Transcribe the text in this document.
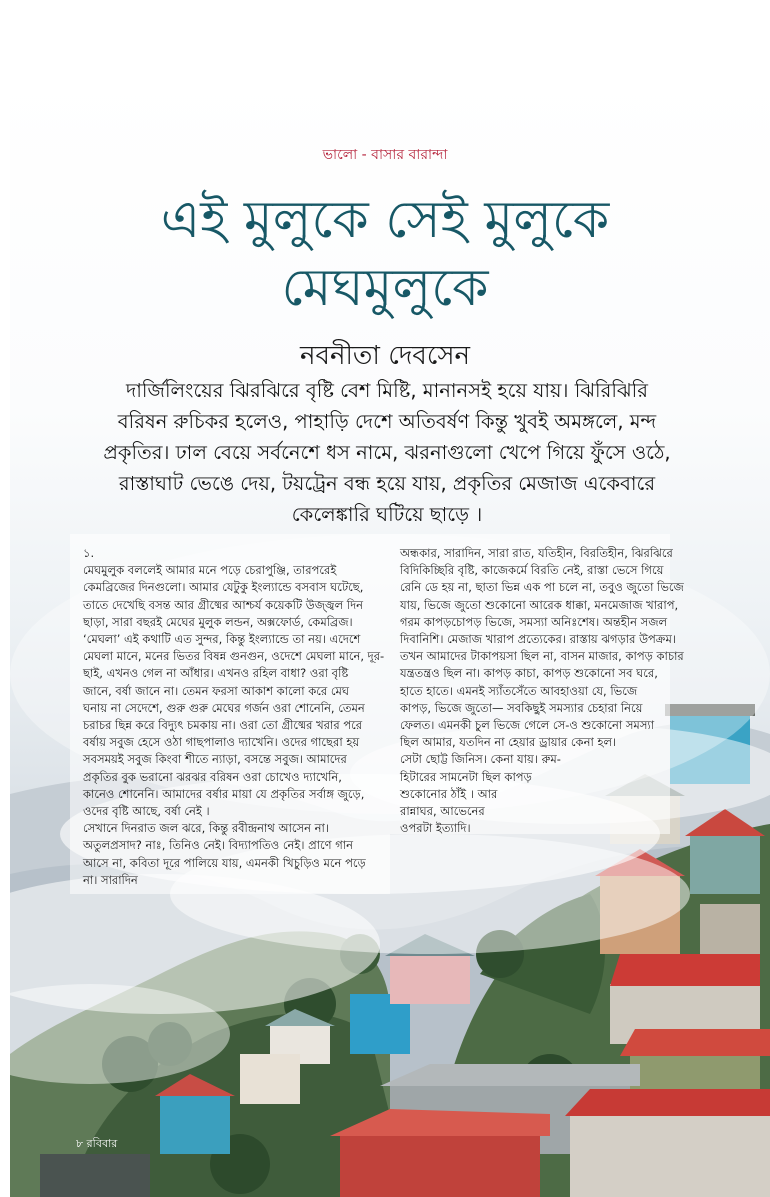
ভালো - বাসার বারান্দা
এই মুলুকে সেই মুলুকে
মেঘমুলুকে
নবনীতা দেবসেন

দার্জিলিংয়ের ঝিরঝিরে বৃষ্টি বেশ মিষ্টি, মানানসই হয়ে যায়। ঝিরিঝিরি

বরিষন রুচিকর হলেও, পাহাড়ি দেশে অতিবর্ষণ কিন্তু খুবই অমঙ্গলে, মন্দ

প্রকৃতির। ঢাল বেয়ে সর্বনেশে ধস নামে, ঝরনাগুলো খেপে গিয়ে ফুঁসে ওঠে,

রাস্তাঘাট ভেঙে দেয়, টয়ট্রেন বন্ধ হয়ে যায়, প্রকৃতির মেজাজ একেবারে

কেলেঙ্কারি ঘটিয়ে ছাড়ে ।

১.

মেঘমুলুক বললেই আমার মনে পড়ে চেরাপুঞ্জি, তারপরেই

কেমব্রিজের দিনগুলো। আমার যেটুকু ইংল্যান্ডে বসবাস ঘটেছে,

তাতে দেখেছি বসন্ত আর গ্রীষ্মের আশ্চর্য কয়েকটি উজ্জ্বল দিন

ছাড়া, সারা বছরই মেঘের মুলুক লন্ডন, অক্সফোর্ড, কেমব্রিজ।

‘মেঘলা’ এই কথাটি এত সুন্দর, কিন্তু ইংল্যান্ডে তা নয়। এদেশে

মেঘলা মানে, মনের ভিতর বিষন্ন গুনগুন, ওদেশে মেঘলা মানে, দূর-

ছাই, এখনও গেল না আঁধার। এখনও রহিল বাধা? ওরা বৃষ্টি

জানে, বর্ষা জানে না। তেমন ফরসা আকাশ কালো করে মেঘ

ঘনায় না সেদেশে, গুরু গুরু মেঘের গর্জন ওরা শোনেনি, তেমন

চরাচর ছিন্ন করে বিদ্যুৎ চমকায় না। ওরা তো গ্রীষ্মের খরার পরে

বর্ষায় সবুজ হেসে ওঠা গাছপালাও দ্যাখেনি। ওদের গাছেরা হয়

সবসময়ই সবুজ কিংবা শীতে ন্যাড়া, বসন্তে সবুজ। আমাদের

প্রকৃতির বুক ভরানো ঝরঝর বরিষন ওরা চোখেও দ্যাখেনি,

কানেও শোনেনি। আমাদের বর্ষার মায়া যে প্রকৃতির সর্বাঙ্গ জুড়ে,

ওদের বৃষ্টি আছে, বর্ষা নেই ।

সেখানে দিনরাত জল ঝরে, কিন্তু রবীন্দ্রনাথ আসেন না।

অতুলপ্রসাদ? নাঃ, তিনিও নেই। বিদ্যাপতিও নেই। প্রাণে গান

আসে না, কবিতা দূরে পালিয়ে যায়, এমনকী খিচুড়িও মনে পড়ে

না। সারাদিন

অন্ধকার, সারাদিন, সারা রাত, যতিহীন, বিরতিহীন, ঝিরঝিরে

বিদিকিচ্ছিরি বৃষ্টি, কাজেকর্মে বিরতি নেই, রাস্তা ভেসে গিয়ে

রেনি ডে হয় না, ছাতা ভিন্ন এক পা চলে না, তবুও জুতো ভিজে

যায়, ভিজে জুতো শুকোনো আরেক ধাক্কা, মনমেজাজ খারাপ,

গরম কাপড়চোপড় ভিজে, সমস্যা অনিঃশেষ। অন্তহীন সজল

দিবানিশি। মেজাজ খারাপ প্রত্যেকের। রাস্তায় ঝগড়ার উপক্রম।

তখন আমাদের টাকাপয়সা ছিল না, বাসন মাজার, কাপড় কাচার

যন্ত্রতন্ত্রও ছিল না। কাপড় কাচা, কাপড় শুকোনো সব ঘরে,

হাতে হাতে। এমনই স্যাঁতসেঁতে আবহাওয়া যে, ভিজে

কাপড়, ভিজে জুতো— সবকিছুই সমস্যার চেহারা নিয়ে

ফেলত। এমনকী চুল ভিজে গেলে সে-ও শুকোনো সমস্যা

ছিল আমার, যতদিন না হেয়ার ড্রায়ার কেনা হল।

সেটা ছোট্ট জিনিস। কেনা যায়। রুম-

হিটারের সামনেটা ছিল কাপড়

শুকোনোর ঠাঁই । আর

রান্নাঘর, আভেনের

ওপরটা ইত্যাদি।

৮ রবিবার
